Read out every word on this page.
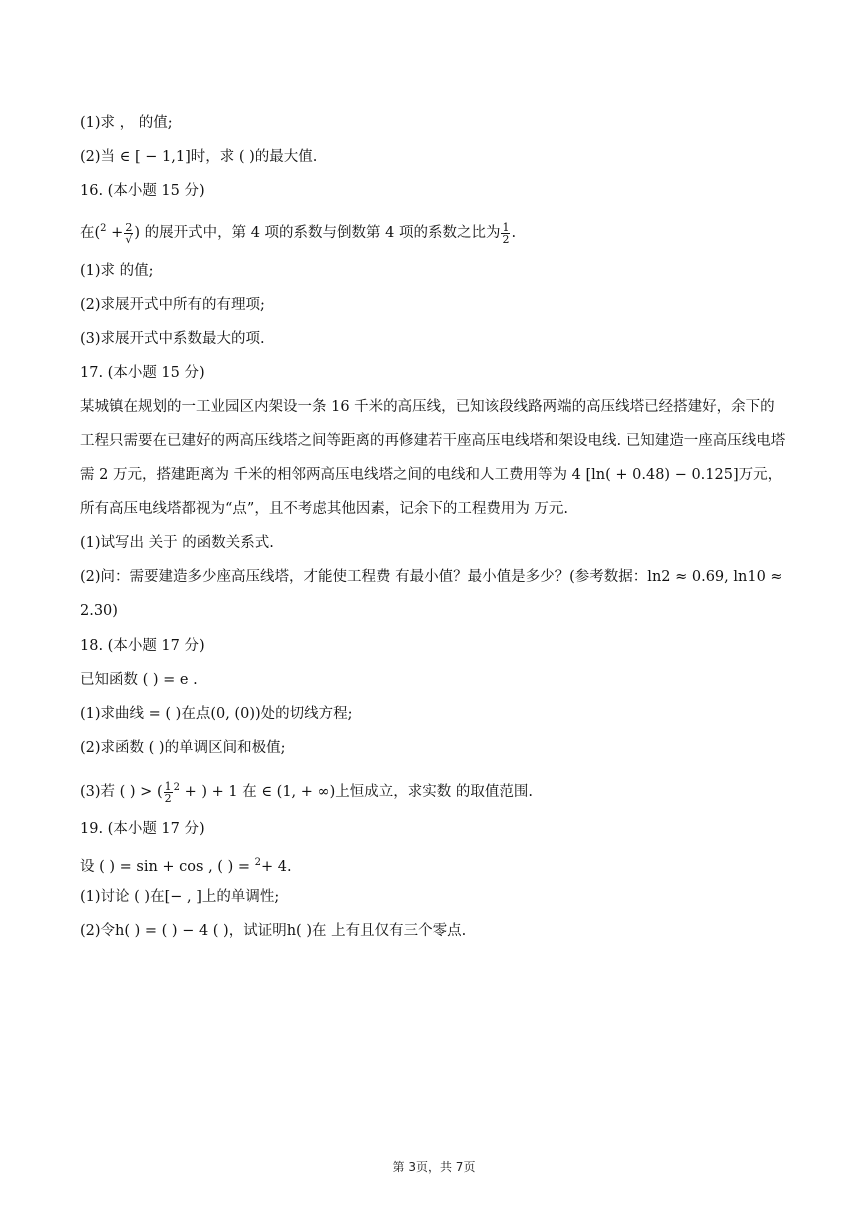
(1)求 ， 的值;
(2)当 ∈ [ − 1,1]时，求 ( )的最大值.
16. (本小题 15 分)
在($^2 + \frac{2}{√}$ ) 的展开式中，第 4 项的系数与倒数第 4 项的系数之比为 $\frac{1}{2}$ .
(1)求 的值;
(2)求展开式中所有的有理项;
(3)求展开式中系数最大的项.
17. (本小题 15 分)
某城镇在规划的一工业园区内架设一条 16 千米的高压线，已知该段线路两端的高压线塔已经搭建好，余下的工程只需要在已建好的两高压线塔之间等距离的再修建若干座高压电线塔和架设电线. 已知建造一座高压线电塔需 2 万元，搭建距离为 千米的相邻两高压电线塔之间的电线和人工费用等为 4 [ln( + 0.48) − 0.125]万元，所有高压电线塔都视为“点”，且不考虑其他因素，记余下的工程费用为 万元.
(1)试写出 关于 的函数关系式.
(2)问：需要建造多少座高压线塔，才能使工程费 有最小值？最小值是多少？(参考数据：ln2 ≈ 0.69, ln10 ≈ 2.30)
18. (本小题 17 分)
已知函数 ( ) = e .
(1)求曲线 = ( )在点(0, (0))处的切线方程;
(2)求函数 ( )的单调区间和极值;
(3)若 ( ) > ( $\frac{1}{2} ^2$ + ) + 1 在 ∈ (1, + ∞)上恒成立，求实数 的取值范围.
19. (本小题 17 分)
设 ( ) = sin + cos , ( ) = $^2$+ 4.
(1)讨论 ( )在[− , ]上的单调性;
(2)令h( ) = ( ) − 4 ( )，试证明h( )在 上有且仅有三个零点.
第 3页，共 7页
